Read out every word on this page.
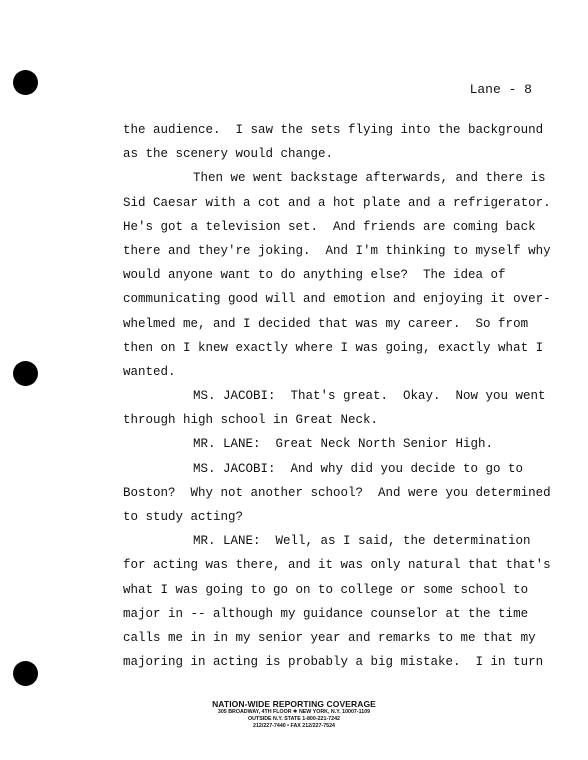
Lane - 8
the audience.  I saw the sets flying into the background
as the scenery would change.
Then we went backstage afterwards, and there is
Sid Caesar with a cot and a hot plate and a refrigerator.
He's got a television set.  And friends are coming back
there and they're joking.  And I'm thinking to myself why
would anyone want to do anything else?  The idea of
communicating good will and emotion and enjoying it over-
whelmed me, and I decided that was my career.  So from
then on I knew exactly where I was going, exactly what I
wanted.
MS. JACOBI:  That's great.  Okay.  Now you went
through high school in Great Neck.
MR. LANE:  Great Neck North Senior High.
MS. JACOBI:  And why did you decide to go to
Boston?  Why not another school?  And were you determined
to study acting?
MR. LANE:  Well, as I said, the determination
for acting was there, and it was only natural that that's
what I was going to go on to college or some school to
major in -- although my guidance counselor at the time
calls me in in my senior year and remarks to me that my
majoring in acting is probably a big mistake.  I in turn
NATION-WIDE REPORTING COVERAGE
305 BROADWAY, 4TH FLOOR ✱ NEW YORK, N.Y. 10007-1109
OUTSIDE N.Y. STATE 1-800-221-7242
212/227-7440 • FAX 212/227-7524
